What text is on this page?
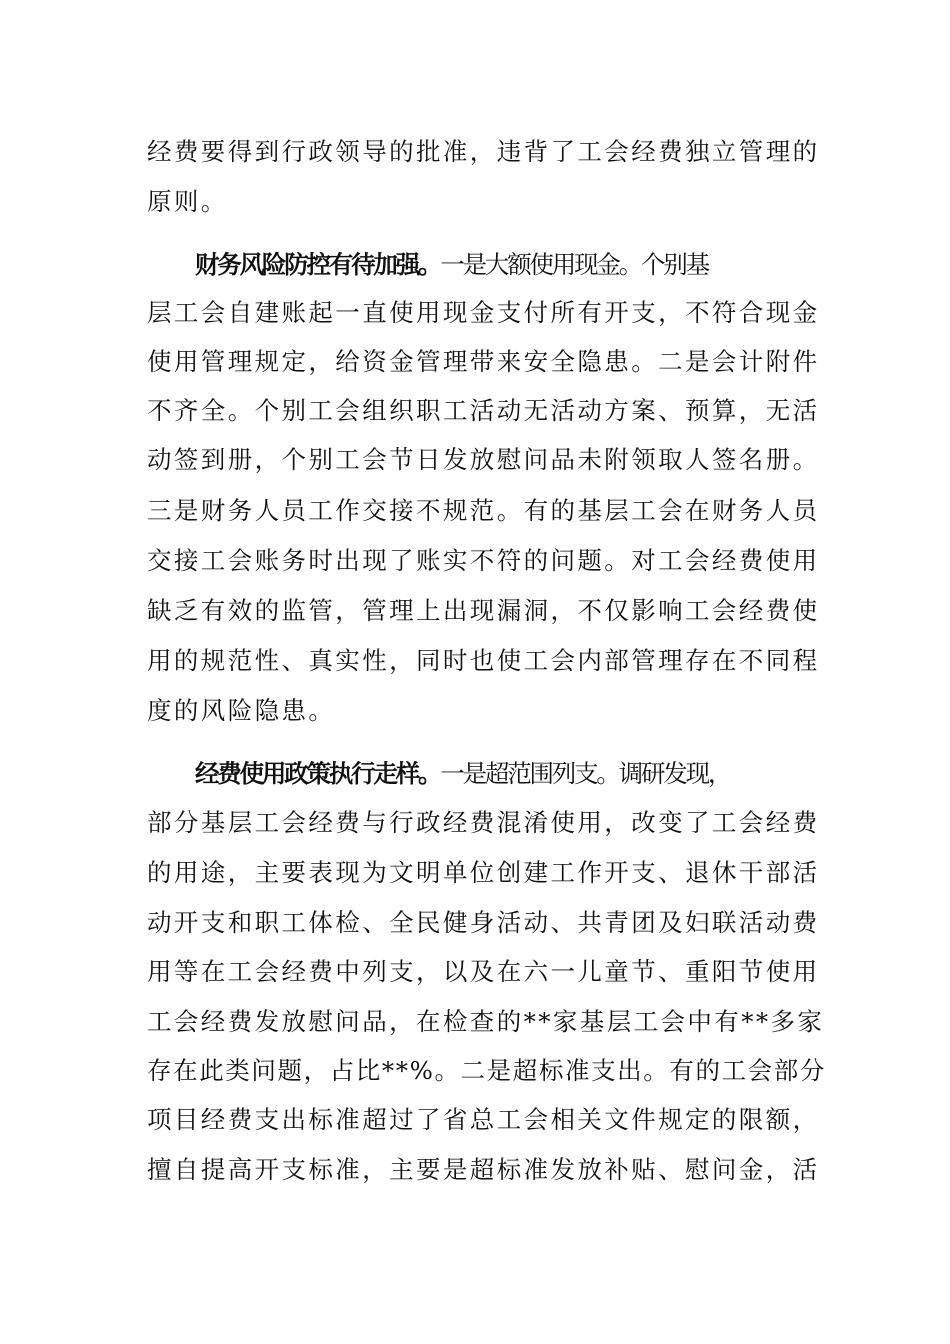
经费要得到行政领导的批准，违背了工会经费独立管理的
原则。
财务风险防控有待加强。一是大额使用现金。个别基
层工会自建账起一直使用现金支付所有开支，不符合现金
使用管理规定，给资金管理带来安全隐患。二是会计附件
不齐全。个别工会组织职工活动无活动方案、预算，无活
动签到册，个别工会节日发放慰问品未附领取人签名册。
三是财务人员工作交接不规范。有的基层工会在财务人员
交接工会账务时出现了账实不符的问题。对工会经费使用
缺乏有效的监管，管理上出现漏洞，不仅影响工会经费使
用的规范性、真实性，同时也使工会内部管理存在不同程
度的风险隐患。
经费使用政策执行走样。一是超范围列支。调研发现，
部分基层工会经费与行政经费混淆使用，改变了工会经费
的用途，主要表现为文明单位创建工作开支、退休干部活
动开支和职工体检、全民健身活动、共青团及妇联活动费
用等在工会经费中列支，以及在六一儿童节、重阳节使用
工会经费发放慰问品，在检查的**家基层工会中有**多家
存在此类问题，占比**%。二是超标准支出。有的工会部分
项目经费支出标准超过了省总工会相关文件规定的限额，
擅自提高开支标准，主要是超标准发放补贴、慰问金，活
